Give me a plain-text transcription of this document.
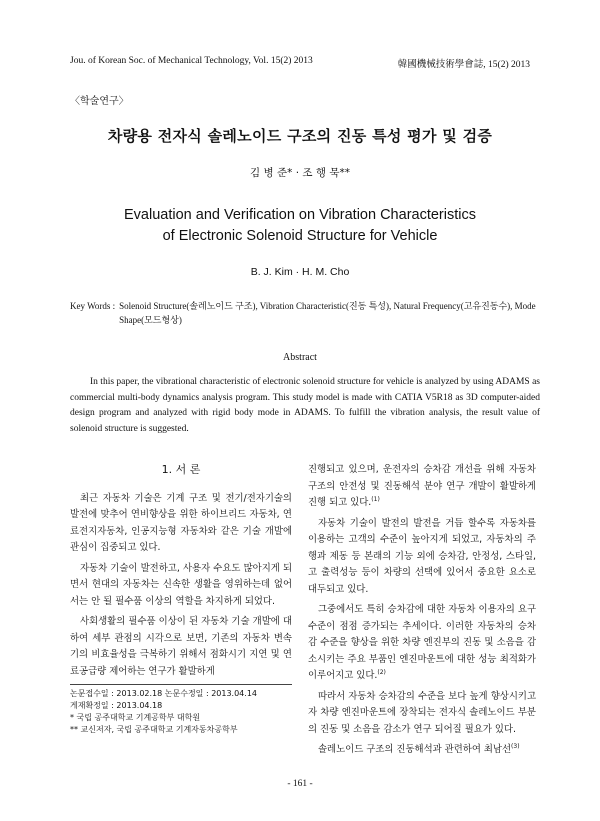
Jou. of Korean Soc. of Mechanical Technology, Vol. 15(2) 2013	韓國機械技術學會誌, 15(2) 2013
〈학술연구〉
차량용 전자식 솔레노이드 구조의 진동 특성 평가 및 검증
김 병 준* · 조 행 묵**
Evaluation and Verification on Vibration Characteristics
of Electronic Solenoid Structure for Vehicle
B. J. Kim · H. M. Cho
Key Words : Solenoid Structure(솔레노이드 구조), Vibration Characteristic(진동 특성), Natural Frequency(고유진동수), Mode Shape(모드형상)
Abstract
In this paper, the vibrational characteristic of electronic solenoid structure for vehicle is analyzed by using ADAMS as commercial multi-body dynamics analysis program. This study model is made with CATIA V5R18 as 3D computer-aided design program and analyzed with rigid body mode in ADAMS. To fulfill the vibration analysis, the result value of solenoid structure is suggested.
1. 서 론

최근 자동차 기술은 기계 구조 및 전기/전자기술의 발전에 맞추어 연비향상을 위한 하이브리드 자동차, 연료전지자동차, 인공지능형 자동차와 같은 기술 개발에 관심이 집중되고 있다.

자동차 기술이 발전하고, 사용자 수요도 많아지게 되면서 현대의 자동차는 신속한 생활을 영위하는데 없어서는 안 될 필수품 이상의 역할을 차지하게 되었다.

사회생활의 필수품 이상이 된 자동차 기술 개발에 대하여 세부 관점의 시각으로 보면, 기존의 자동차 변속기의 비효율성을 극복하기 위해서 점화시기 지연 및 연료공급량 제어하는 연구가 활발하게

진행되고 있으며, 운전자의 승차감 개선을 위해 자동차 구조의 안전성 및 진동해석 분야 연구 개발이 활발하게 진행 되고 있다.$^{(1)}$

자동차 기술이 발전의 발전을 거듭 할수록 자동차를 이용하는 고객의 수준이 높아지게 되었고, 자동차의 주행과 제동 등 본래의 기능 외에 승차감, 안정성, 스타일, 고 출력성능 등이 차량의 선택에 있어서 중요한 요소로 대두되고 있다.

그중에서도 특히 승차감에 대한 자동차 이용자의 요구 수준이 점점 증가되는 추세이다. 이러한 자동차의 승차감 수준을 향상을 위한 차량 엔진부의 진동 및 소음을 감소시키는 주요 부품인 엔진마운트에 대한 성능 최적화가 이루어지고 있다.$^{(2)}$

따라서 자동차 승차감의 수준을 보다 높게 향상시키고자 차량 엔진마운트에 장착되는 전자식 솔레노이드 부분의 진동 및 소음을 감소가 연구 되어질 필요가 있다.

솔레노이드 구조의 진동해석과 관련하여 최남선$^{(3)}$

논문접수일 : 2013.02.18 논문수정일 : 2013.04.14
게재확정일 : 2013.04.18
* 국립 공주대학교 기계공학부 대학원
** 교신저자, 국립 공주대학교 기계자동차공학부
- 161 -
